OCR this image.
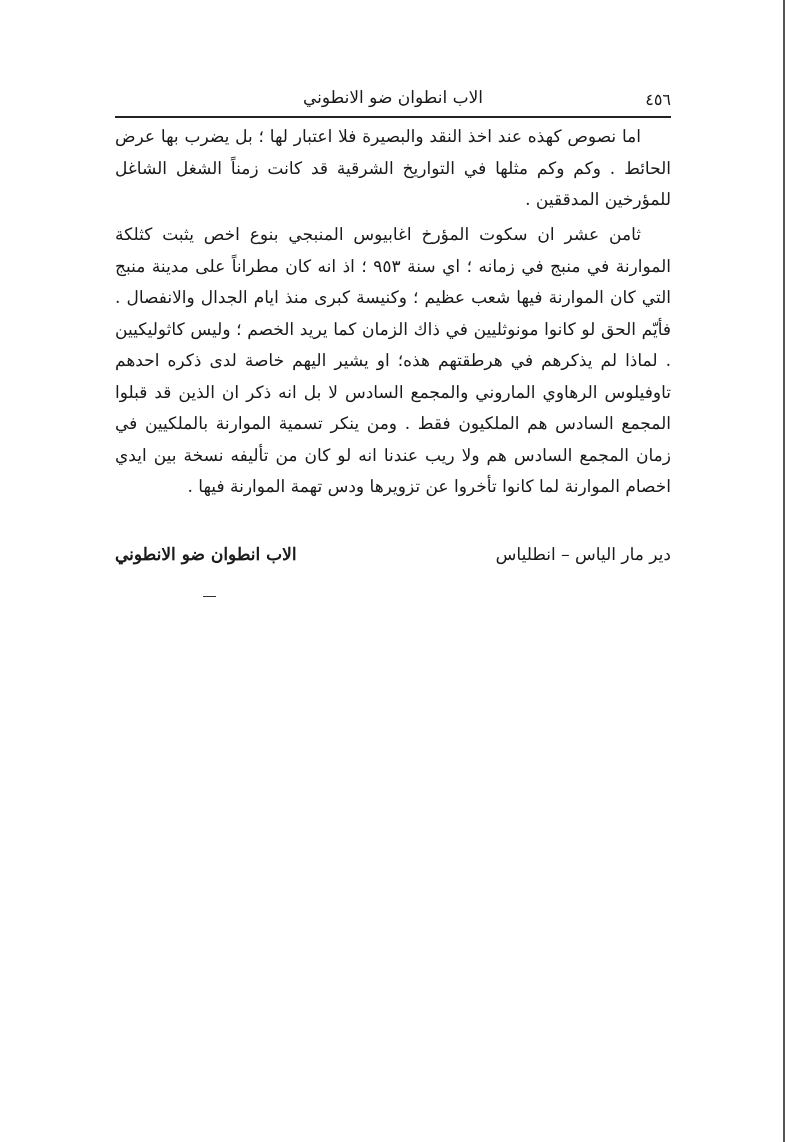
٤٥٦
الاب انطوان ضو الانطوني
اما نصوص كهذه عند اخذ النقد والبصيرة فلا اعتبار لها ؛ بل يضرب بها عرض الحائط . وكم وكم مثلها في التواريخ الشرقية قد كانت زمناً الشغل الشاغل للمؤرخين المدققين .
ثامن عشر ان سكوت المؤرخ اغابيوس المنبجي بنوع اخص يثبت كثلكة الموارنة في منبج في زمانه ؛ اي سنة ٩٥٣ ؛ اذ انه كان مطراناً على مدينة منبج التي كان الموارنة فيها شعب عظيم ؛ وكنيسة كبرى منذ ايام الجدال والانفصال . فأيّم الحق لو كانوا مونوثليين في ذاك الزمان كما يريد الخصم ؛ وليس كاثوليكيين . لماذا لم يذكرهم في هرطقتهم هذه؛ او يشير اليهم خاصة لدى ذكره احدهم تاوفيلوس الرهاوي الماروني والمجمع السادس لا بل انه ذكر ان الذين قد قبلوا المجمع السادس هم الملكيون فقط . ومن ينكر تسمية الموارنة بالملكيين في زمان المجمع السادس هم ولا ريب عندنا انه لو كان من تأليفه نسخة بين ايدي اخصام الموارنة لما كانوا تأخروا عن تزويرها ودس تهمة الموارنة فيها .
دير مار الياس – انطلياس
الاب انطوان ضو الانطوني
